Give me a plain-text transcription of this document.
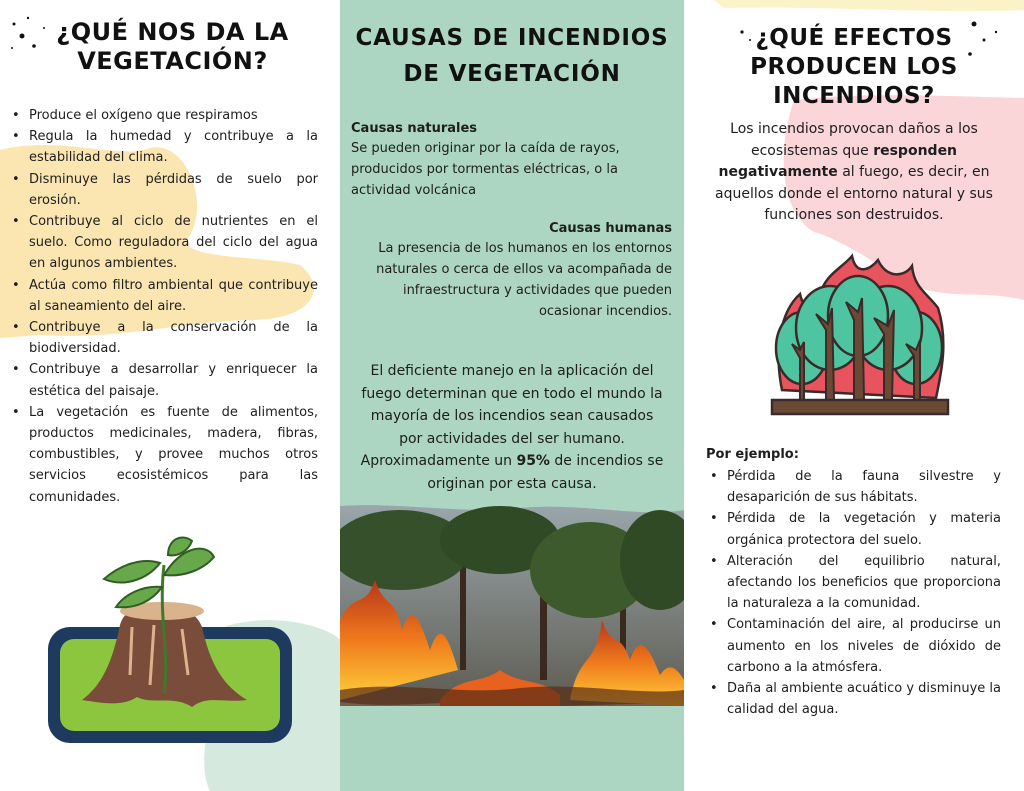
¿QUÉ NOS DA LA VEGETACIÓN?
• Produce el oxígeno que respiramos
• Regula la humedad y contribuye a la estabilidad del clima.
• Disminuye las pérdidas de suelo por erosión.
• Contribuye al ciclo de nutrientes en el suelo. Como reguladora del ciclo del agua en algunos ambientes.
• Actúa como filtro ambiental que contribuye al saneamiento del aire.
• Contribuye a la conservación de la biodiversidad.
• Contribuye a desarrollar y enriquecer la estética del paisaje.
• La vegetación es fuente de alimentos, productos medicinales, madera, fibras, combustibles, y provee muchos otros servicios ecosistémicos para las comunidades.
CAUSAS DE INCENDIOS DE VEGETACIÓN

Causas naturales

Se pueden originar por la caída de rayos, producidos por tormentas eléctricas, o la actividad volcánica

Causas humanas

La presencia de los humanos en los entornos naturales o cerca de ellos va acompañada de infraestructura y actividades que pueden ocasionar incendios.

El deficiente manejo en la aplicación del fuego determinan que en todo el mundo la mayoría de los incendios sean causados por actividades del ser humano. Aproximadamente un 95% de incendios se originan por esta causa.

¿QUÉ EFECTOS PRODUCEN LOS INCENDIOS?

Los incendios provocan daños a los ecosistemas que responden negativamente al fuego, es decir, en aquellos donde el entorno natural y sus funciones son destruidos.

Por ejemplo:

• Pérdida de la fauna silvestre y desaparición de sus hábitats.
• Pérdida de la vegetación y materia orgánica protectora del suelo.
• Alteración del equilibrio natural, afectando los beneficios que proporciona la naturaleza a la comunidad.
• Contaminación del aire, al producirse un aumento en los niveles de dióxido de carbono a la atmósfera.
• Daña al ambiente acuático y disminuye la calidad del agua.
